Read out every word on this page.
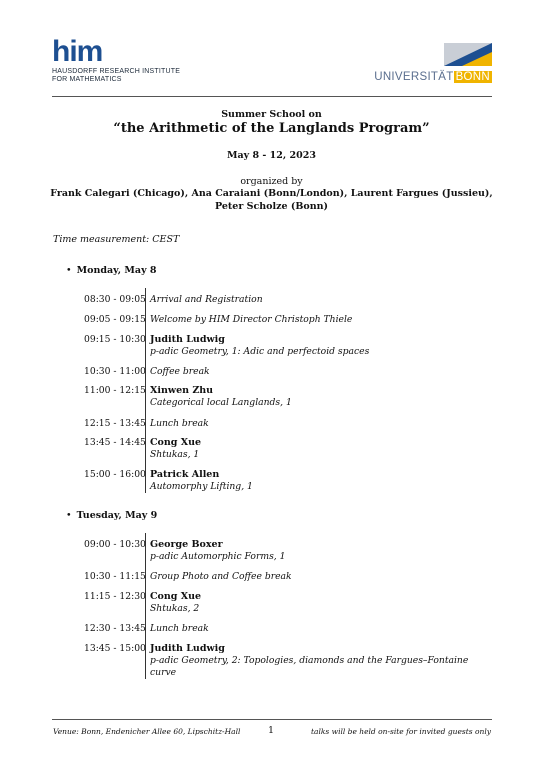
him
HAUSDORFF RESEARCH INSTITUTE
FOR MATHEMATICS	UNIVERSITÄT BONN
Summer School on
“the Arithmetic of the Langlands Program”
May 8 - 12, 2023
organized by
Frank Calegari (Chicago), Ana Caraiani (Bonn/London), Laurent Fargues (Jussieu),
Peter Scholze (Bonn)
Time measurement: CEST
• Monday, May 8
08:30 - 09:05 Arrival and Registration
09:05 - 09:15 Welcome by HIM Director Christoph Thiele
09:15 - 10:30 Judith Ludwig
p-adic Geometry, 1: Adic and perfectoid spaces
10:30 - 11:00 Coffee break
11:00 - 12:15 Xinwen Zhu
Categorical local Langlands, 1
12:15 - 13:45 Lunch break
13:45 - 14:45 Cong Xue
Shtukas, 1
15:00 - 16:00 Patrick Allen
Automorphy Lifting, 1
• Tuesday, May 9
09:00 - 10:30 George Boxer
p-adic Automorphic Forms, 1
10:30 - 11:15 Group Photo and Coffee break
11:15 - 12:30 Cong Xue
Shtukas, 2
12:30 - 13:45 Lunch break
13:45 - 15:00 Judith Ludwig
p-adic Geometry, 2: Topologies, diamonds and the Fargues–Fontaine curve
Venue: Bonn, Endenicher Allee 60, Lipschitz-Hall	1	talks will be held on-site for invited guests only
